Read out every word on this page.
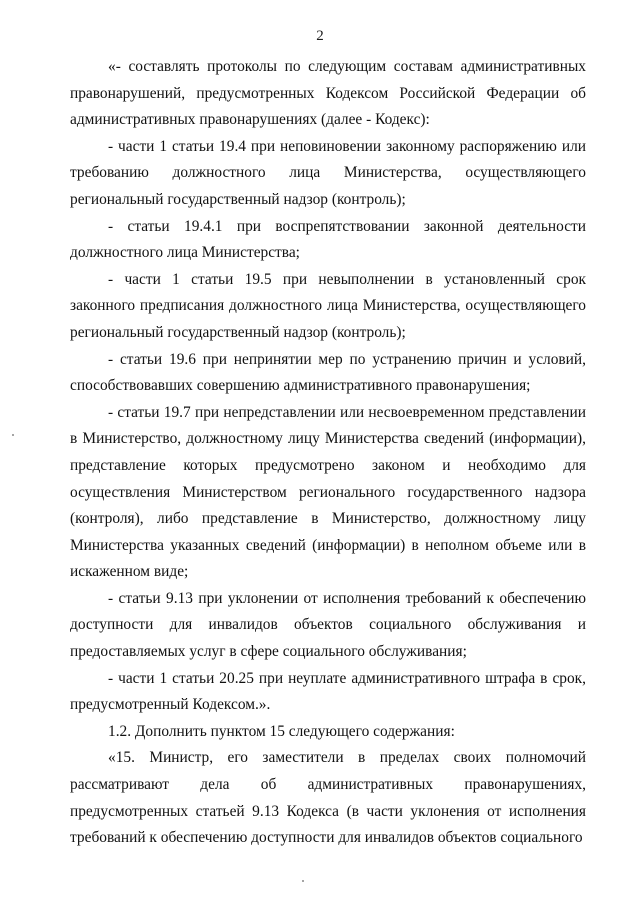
2

«- составлять протоколы по следующим составам административных правонарушений, предусмотренных Кодексом Российской Федерации об административных правонарушениях (далее - Кодекс):

- части 1 статьи 19.4 при неповиновении законному распоряжению или требованию должностного лица Министерства, осуществляющего региональный государственный надзор (контроль);

- статьи 19.4.1 при воспрепятствовании законной деятельности должностного лица Министерства;

- части 1 статьи 19.5 при невыполнении в установленный срок законного предписания должностного лица Министерства, осуществляющего региональный государственный надзор (контроль);

- статьи 19.6 при непринятии мер по устранению причин и условий, способствовавших совершению административного правонарушения;

- статьи 19.7 при непредставлении или несвоевременном представлении в Министерство, должностному лицу Министерства сведений (информации), представление которых предусмотрено законом и необходимо для осуществления Министерством регионального государственного надзора (контроля), либо представление в Министерство, должностному лицу Министерства указанных сведений (информации) в неполном объеме или в искаженном виде;

- статьи 9.13 при уклонении от исполнения требований к обеспечению доступности для инвалидов объектов социального обслуживания и предоставляемых услуг в сфере социального обслуживания;

- части 1 статьи 20.25 при неуплате административного штрафа в срок, предусмотренный Кодексом.».

1.2. Дополнить пунктом 15 следующего содержания:

«15. Министр, его заместители в пределах своих полномочий рассматривают дела об административных правонарушениях, предусмотренных статьей 9.13 Кодекса (в части уклонения от исполнения требований к обеспечению доступности для инвалидов объектов социального
